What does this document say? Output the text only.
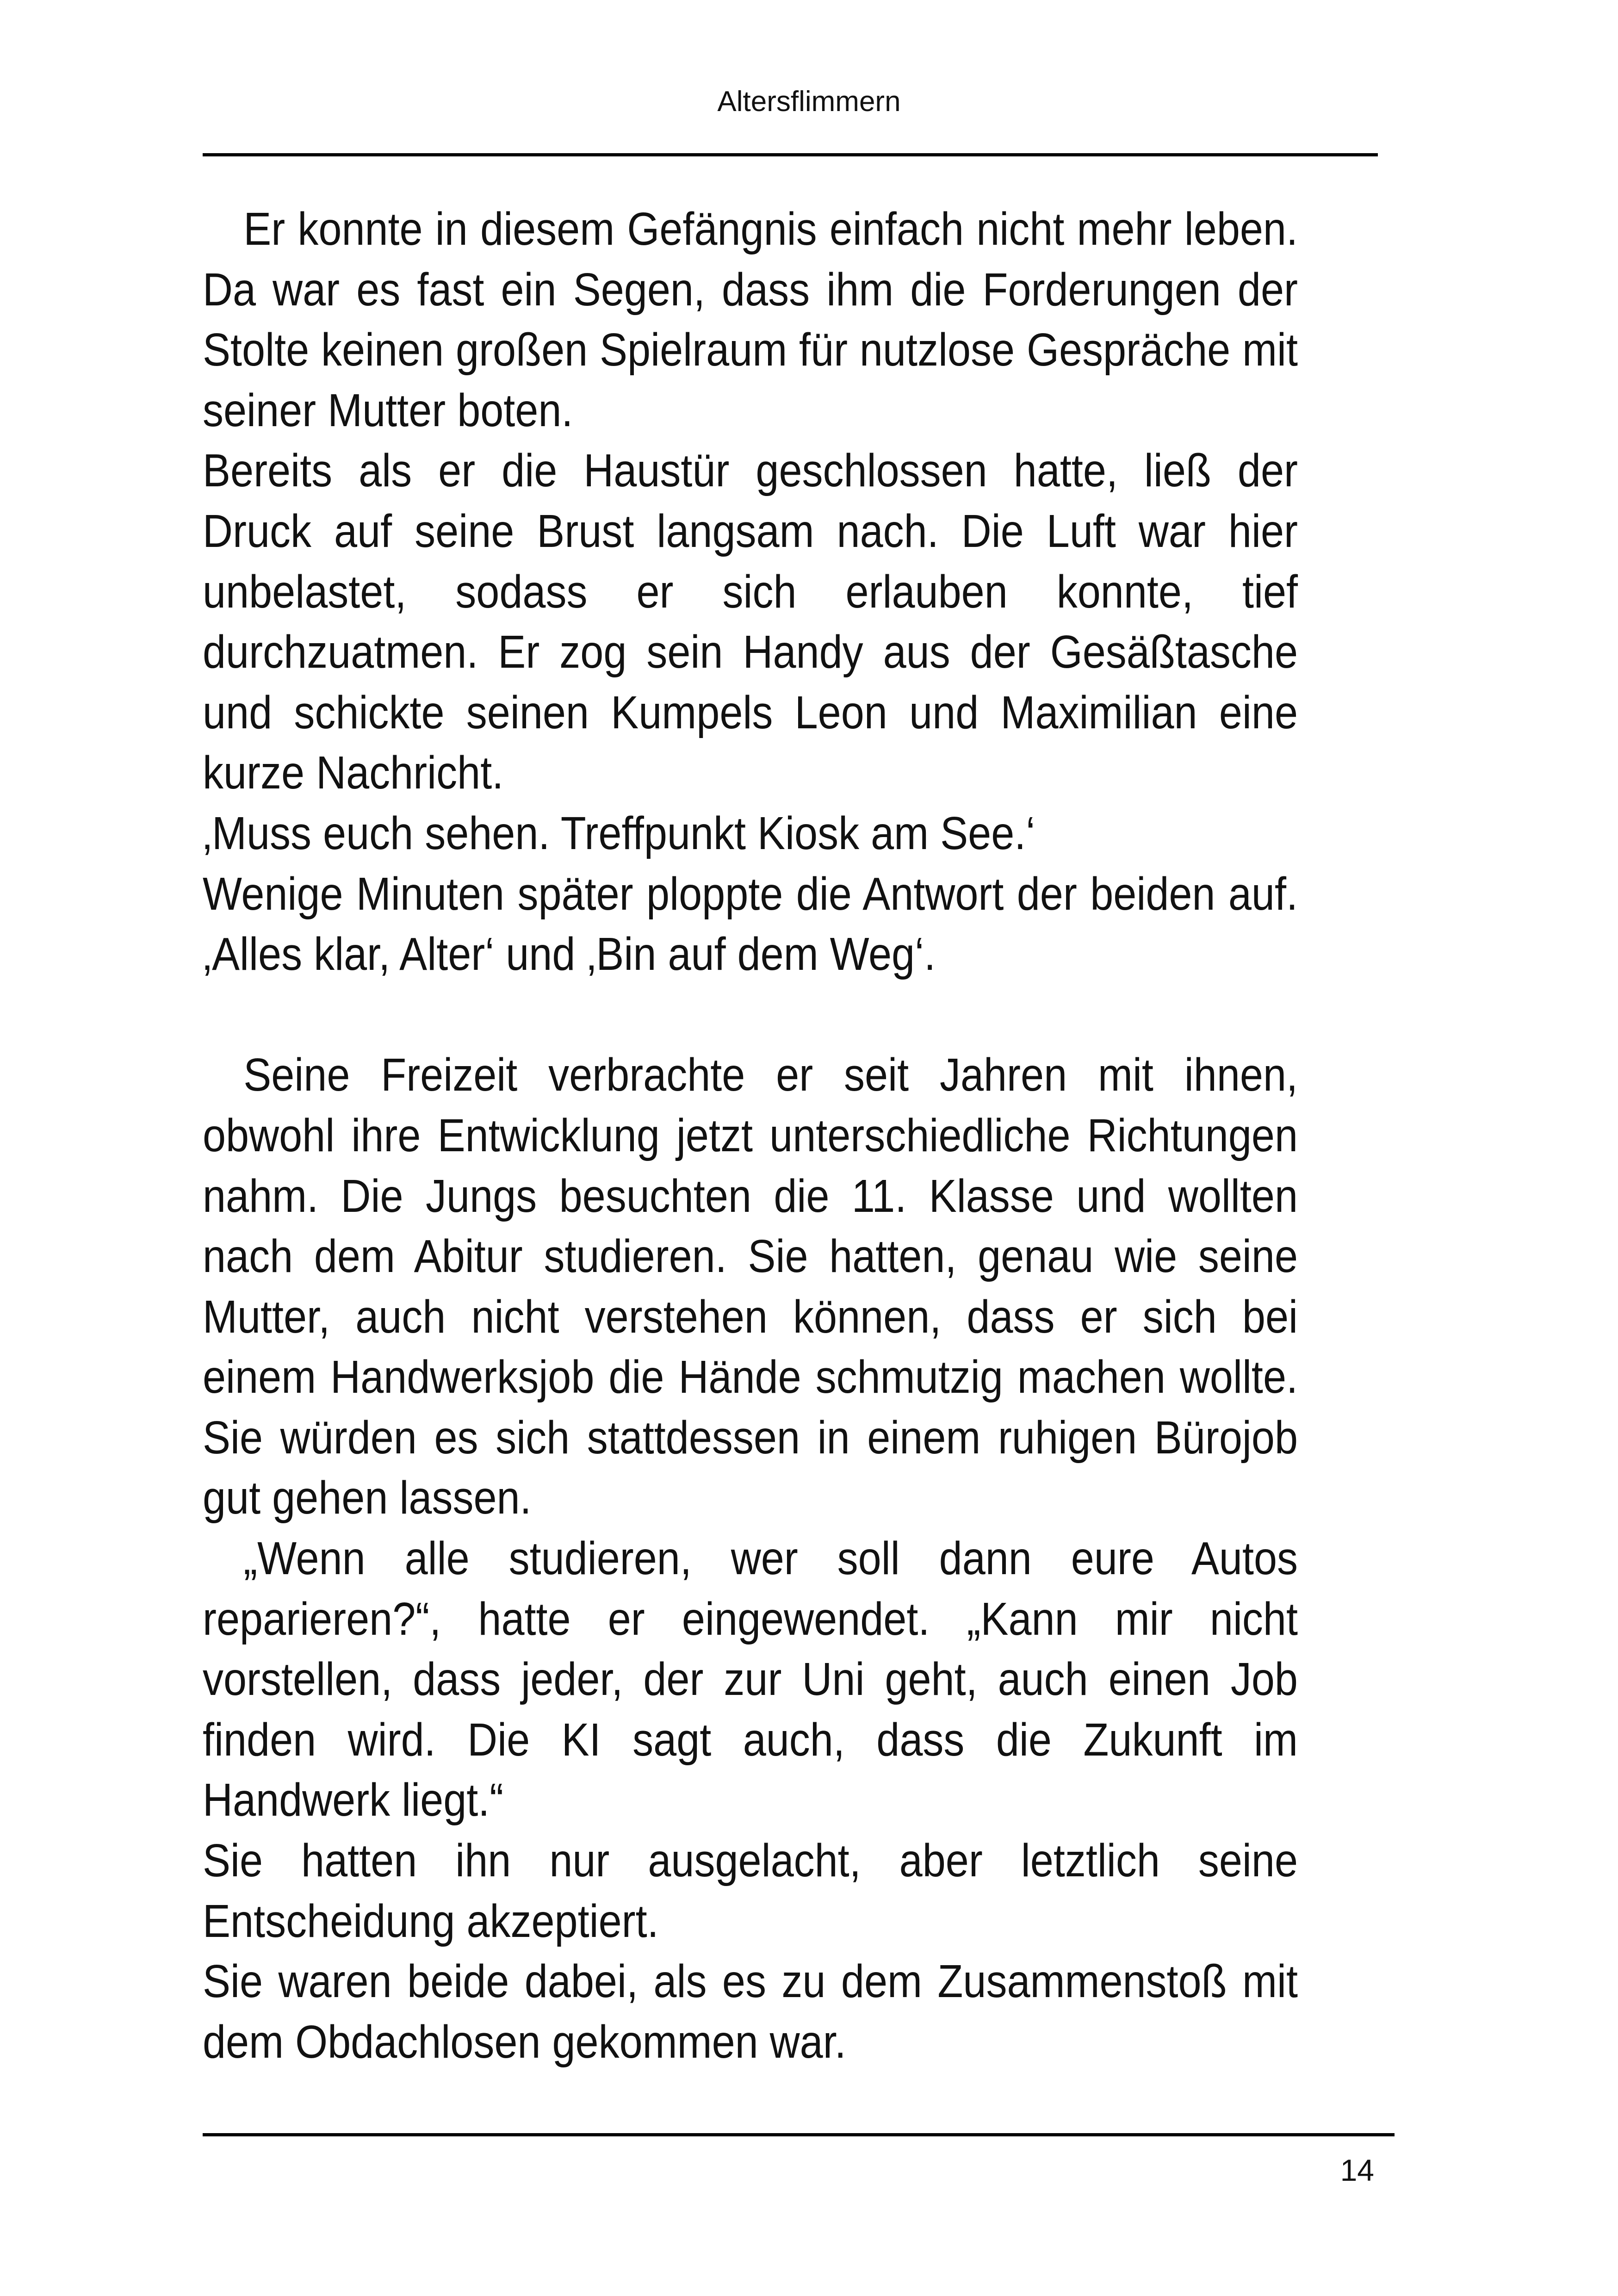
Altersflimmern

Er konnte in diesem Gefängnis einfach nicht mehr leben. Da war es fast ein Segen, dass ihm die Forderungen der Stolte keinen großen Spielraum für nutzlose Gespräche mit seiner Mutter boten.

Bereits als er die Haustür geschlossen hatte, ließ der Druck auf seine Brust langsam nach. Die Luft war hier unbelastet, sodass er sich erlauben konnte, tief durchzuatmen. Er zog sein Handy aus der Gesäßtasche und schickte seinen Kumpels Leon und Maximilian eine kurze Nachricht.

‚Muss euch sehen. Treffpunkt Kiosk am See.‘

Wenige Minuten später ploppte die Antwort der beiden auf. ‚Alles klar, Alter‘ und ‚Bin auf dem Weg‘.

Seine Freizeit verbrachte er seit Jahren mit ihnen, obwohl ihre Entwicklung jetzt unterschiedliche Richtungen nahm. Die Jungs besuchten die 11. Klasse und wollten nach dem Abitur studieren. Sie hatten, genau wie seine Mutter, auch nicht verstehen können, dass er sich bei einem Handwerksjob die Hände schmutzig machen wollte. Sie würden es sich stattdessen in einem ruhigen Bürojob gut gehen lassen.

„Wenn alle studieren, wer soll dann eure Autos reparieren?“, hatte er eingewendet. „Kann mir nicht vorstellen, dass jeder, der zur Uni geht, auch einen Job finden wird. Die KI sagt auch, dass die Zukunft im Handwerk liegt.“

Sie hatten ihn nur ausgelacht, aber letztlich seine Entscheidung akzeptiert.

Sie waren beide dabei, als es zu dem Zusammenstoß mit dem Obdachlosen gekommen war.

14
